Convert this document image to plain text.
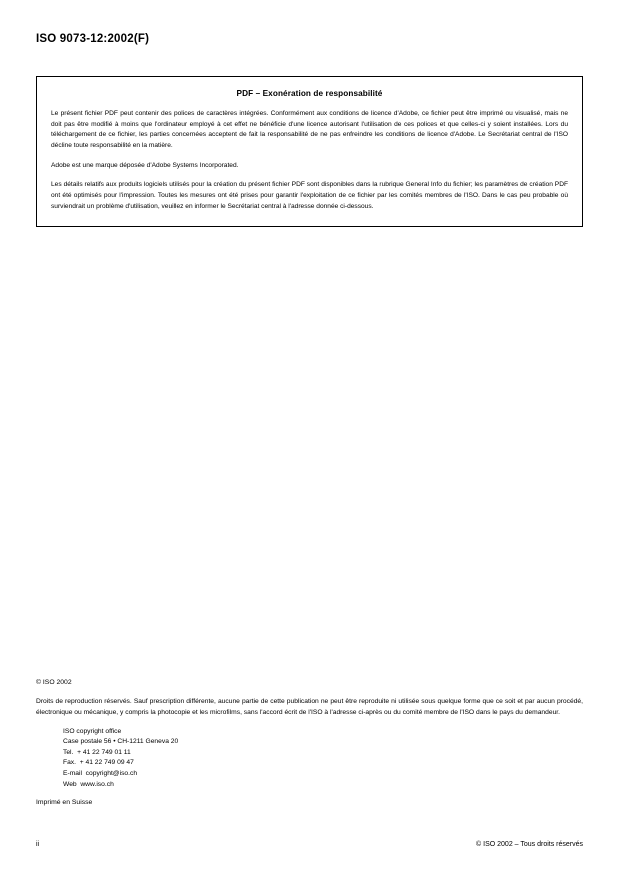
ISO 9073-12:2002(F)
PDF – Exonération de responsabilité

Le présent fichier PDF peut contenir des polices de caractères intégrées. Conformément aux conditions de licence d'Adobe, ce fichier peut être imprimé ou visualisé, mais ne doit pas être modifié à moins que l'ordinateur employé à cet effet ne bénéficie d'une licence autorisant l'utilisation de ces polices et que celles-ci y soient installées. Lors du téléchargement de ce fichier, les parties concernées acceptent de fait la responsabilité de ne pas enfreindre les conditions de licence d'Adobe. Le Secrétariat central de l'ISO décline toute responsabilité en la matière.

Adobe est une marque déposée d'Adobe Systems Incorporated.

Les détails relatifs aux produits logiciels utilisés pour la création du présent fichier PDF sont disponibles dans la rubrique General Info du fichier; les paramètres de création PDF ont été optimisés pour l'impression. Toutes les mesures ont été prises pour garantir l'exploitation de ce fichier par les comités membres de l'ISO. Dans le cas peu probable où surviendrait un problème d'utilisation, veuillez en informer le Secrétariat central à l'adresse donnée ci-dessous.

© ISO 2002

Droits de reproduction réservés. Sauf prescription différente, aucune partie de cette publication ne peut être reproduite ni utilisée sous quelque forme que ce soit et par aucun procédé, électronique ou mécanique, y compris la photocopie et les microfilms, sans l'accord écrit de l'ISO à l'adresse ci-après ou du comité membre de l'ISO dans le pays du demandeur.

ISO copyright office
Case postale 56 • CH-1211 Geneva 20
Tel.  + 41 22 749 01 11
Fax.  + 41 22 749 09 47
E-mail  copyright@iso.ch
Web  www.iso.ch
Imprimé en Suisse
ii	© ISO 2002 – Tous droits réservés
